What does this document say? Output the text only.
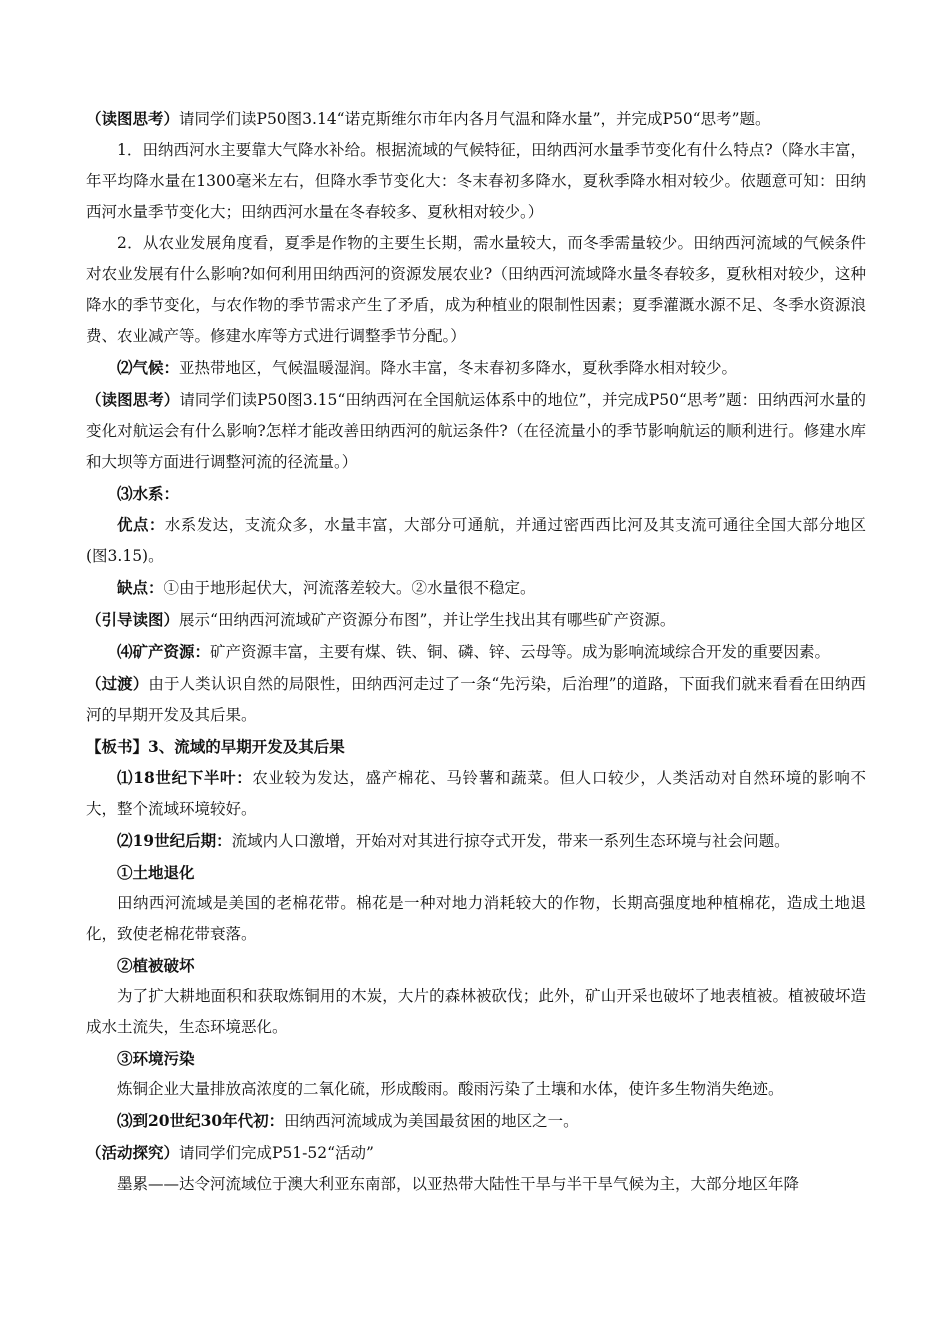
（读图思考）请同学们读P50图3.14“诺克斯维尔市年内各月气温和降水量”，并完成P50“思考”题。
1．田纳西河水主要靠大气降水补给。根据流域的气候特征，田纳西河水量季节变化有什么特点?（降水丰富，年平均降水量在1300毫米左右，但降水季节变化大：冬末春初多降水，夏秋季降水相对较少。依题意可知：田纳西河水量季节变化大；田纳西河水量在冬春较多、夏秋相对较少。）
2．从农业发展角度看，夏季是作物的主要生长期，需水量较大，而冬季需量较少。田纳西河流域的气候条件对农业发展有什么影响?如何利用田纳西河的资源发展农业?（田纳西河流域降水量冬春较多，夏秋相对较少，这种降水的季节变化，与农作物的季节需求产生了矛盾，成为种植业的限制性因素；夏季灌溉水源不足、冬季水资源浪费、农业减产等。修建水库等方式进行调整季节分配。）
⑵气候：亚热带地区，气候温暖湿润。降水丰富，冬末春初多降水，夏秋季降水相对较少。
（读图思考）请同学们读P50图3.15“田纳西河在全国航运体系中的地位”，并完成P50“思考”题：田纳西河水量的变化对航运会有什么影响?怎样才能改善田纳西河的航运条件?（在径流量小的季节影响航运的顺利进行。修建水库和大坝等方面进行调整河流的径流量。）
⑶水系：
优点：水系发达，支流众多，水量丰富，大部分可通航，并通过密西西比河及其支流可通往全国大部分地区(图3.15)。
缺点：①由于地形起伏大，河流落差较大。②水量很不稳定。
（引导读图）展示“田纳西河流域矿产资源分布图”，并让学生找出其有哪些矿产资源。
⑷矿产资源：矿产资源丰富，主要有煤、铁、铜、磷、锌、云母等。成为影响流域综合开发的重要因素。
（过渡）由于人类认识自然的局限性，田纳西河走过了一条“先污染，后治理”的道路，下面我们就来看看在田纳西河的早期开发及其后果。
【板书】3、流域的早期开发及其后果
⑴18世纪下半叶：农业较为发达，盛产棉花、马铃薯和蔬菜。但人口较少，人类活动对自然环境的影响不大，整个流域环境较好。
⑵19世纪后期：流域内人口激增，开始对对其进行掠夺式开发，带来一系列生态环境与社会问题。
①土地退化
田纳西河流域是美国的老棉花带。棉花是一种对地力消耗较大的作物，长期高强度地种植棉花，造成土地退化，致使老棉花带衰落。
②植被破坏
为了扩大耕地面积和获取炼铜用的木炭，大片的森林被砍伐；此外，矿山开采也破坏了地表植被。植被破坏造成水土流失，生态环境恶化。
③环境污染
炼铜企业大量排放高浓度的二氧化硫，形成酸雨。酸雨污染了土壤和水体，使许多生物消失绝迹。
⑶到20世纪30年代初：田纳西河流域成为美国最贫困的地区之一。
（活动探究）请同学们完成P51-52“活动”
墨累——达令河流域位于澳大利亚东南部，以亚热带大陆性干旱与半干旱气候为主，大部分地区年降
